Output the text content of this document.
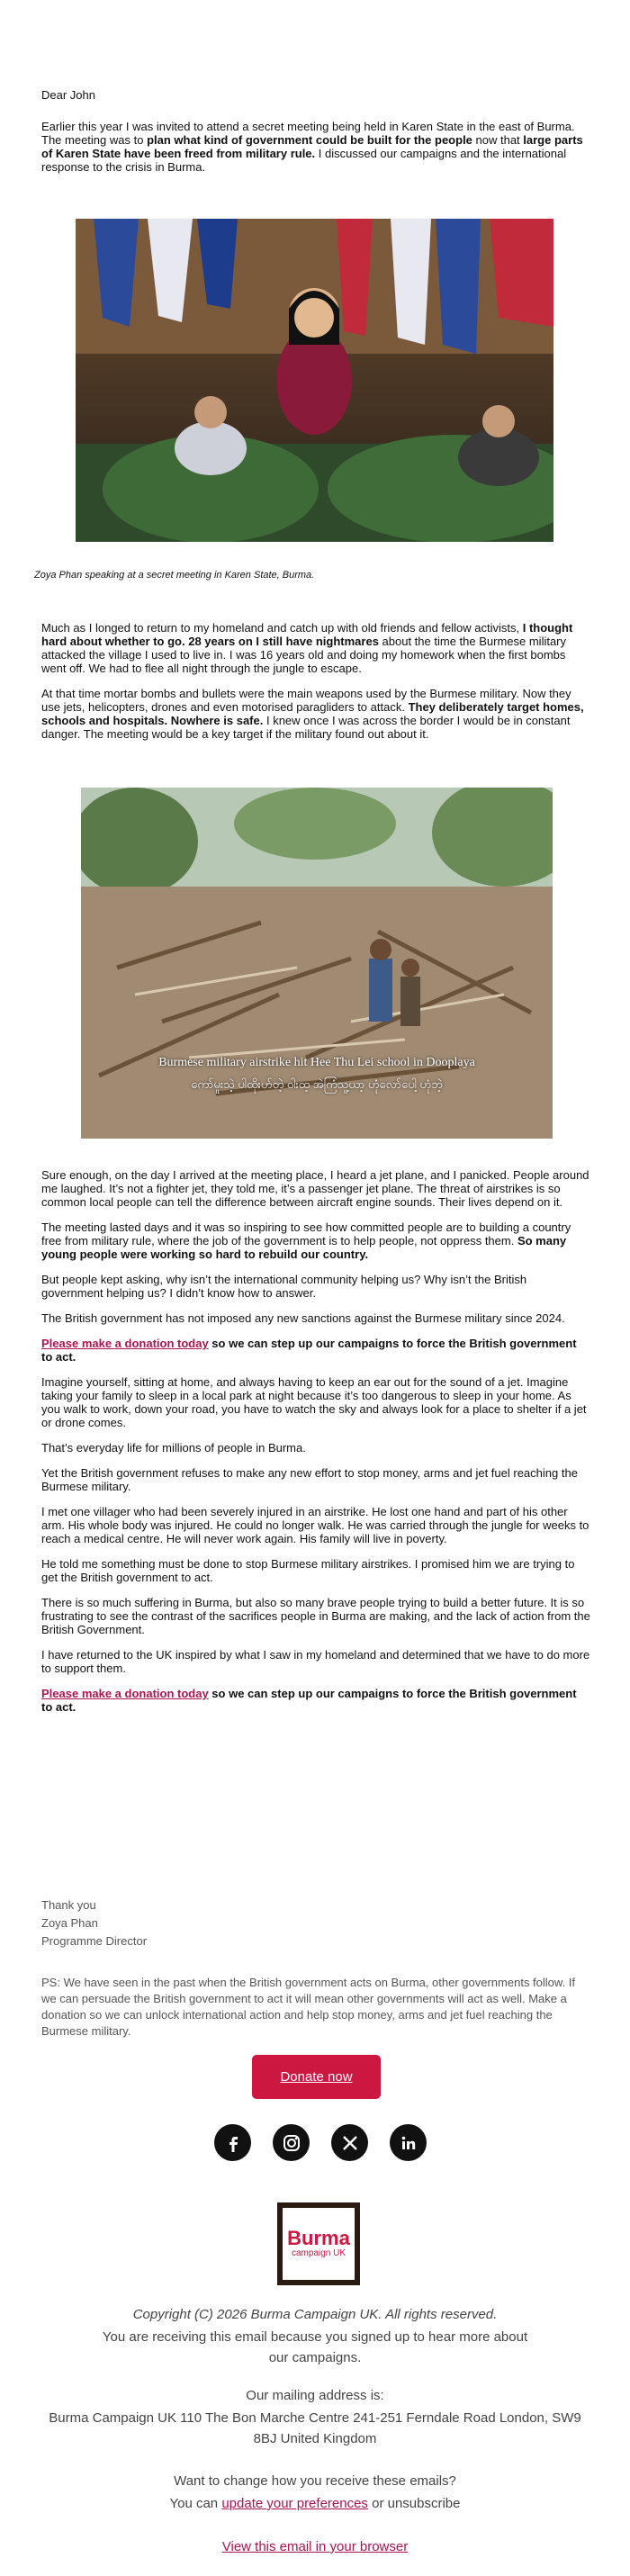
Dear John

Earlier this year I was invited to attend a secret meeting being held in Karen State in the east of Burma. The meeting was to plan what kind of government could be built for the people now that large parts of Karen State have been freed from military rule. I discussed our campaigns and the international response to the crisis in Burma.

Zoya Phan speaking at a secret meeting in Karen State, Burma.

Much as I longed to return to my homeland and catch up with old friends and fellow activists, I thought hard about whether to go. 28 years on I still have nightmares about the time the Burmese military attacked the village I used to live in. I was 16 years old and doing my homework when the first bombs went off. We had to flee all night through the jungle to escape.

At that time mortar bombs and bullets were the main weapons used by the Burmese military. Now they use jets, helicopters, drones and even motorised paragliders to attack. They deliberately target homes, schools and hospitals. Nowhere is safe. I knew once I was across the border I would be in constant danger. The meeting would be a key target if the military found out about it.

Burmese military airstrike hit Hee Thu Lei school in Dooplaya
ကော်မူးသဲ့ ပါထိုးဟ်တဲ့ ဝါးထ့ အဲကြံသူ့ယာ့ ဟုံလော်ပေါ့ ဟုံဘဲ့

Sure enough, on the day I arrived at the meeting place, I heard a jet plane, and I panicked. People around me laughed. It’s not a fighter jet, they told me, it’s a passenger jet plane. The threat of airstrikes is so common local people can tell the difference between aircraft engine sounds. Their lives depend on it.

The meeting lasted days and it was so inspiring to see how committed people are to building a country free from military rule, where the job of the government is to help people, not oppress them. So many young people were working so hard to rebuild our country.

But people kept asking, why isn’t the international community helping us? Why isn’t the British government helping us? I didn’t know how to answer.

The British government has not imposed any new sanctions against the Burmese military since 2024.

Please make a donation today so we can step up our campaigns to force the British government to act.

Imagine yourself, sitting at home, and always having to keep an ear out for the sound of a jet. Imagine taking your family to sleep in a local park at night because it’s too dangerous to sleep in your home. As you walk to work, down your road, you have to watch the sky and always look for a place to shelter if a jet or drone comes.

That’s everyday life for millions of people in Burma.

Yet the British government refuses to make any new effort to stop money, arms and jet fuel reaching the Burmese military.

I met one villager who had been severely injured in an airstrike. He lost one hand and part of his other arm. His whole body was injured. He could no longer walk. He was carried through the jungle for weeks to reach a medical centre. He will never work again. His family will live in poverty.

He told me something must be done to stop Burmese military airstrikes. I promised him we are trying to get the British government to act.

There is so much suffering in Burma, but also so many brave people trying to build a better future. It is so frustrating to see the contrast of the sacrifices people in Burma are making, and the lack of action from the British Government.

I have returned to the UK inspired by what I saw in my homeland and determined that we have to do more to support them.

Please make a donation today so we can step up our campaigns to force the British government to act.

Thank you
Zoya Phan
Programme Director

PS: We have seen in the past when the British government acts on Burma, other governments follow. If we can persuade the British government to act it will mean other governments will act as well. Make a donation so we can unlock international action and help stop money, arms and jet fuel reaching the Burmese military.

Donate now
Burma
campaign UK
Copyright (C) 2026 Burma Campaign UK. All rights reserved.
You are receiving this email because you signed up to hear more about our campaigns.
Our mailing address is:
Burma Campaign UK 110 The Bon Marche Centre 241-251 Ferndale Road London, SW9 8BJ United Kingdom
Want to change how you receive these emails?
You can update your preferences or unsubscribe
View this email in your browser
